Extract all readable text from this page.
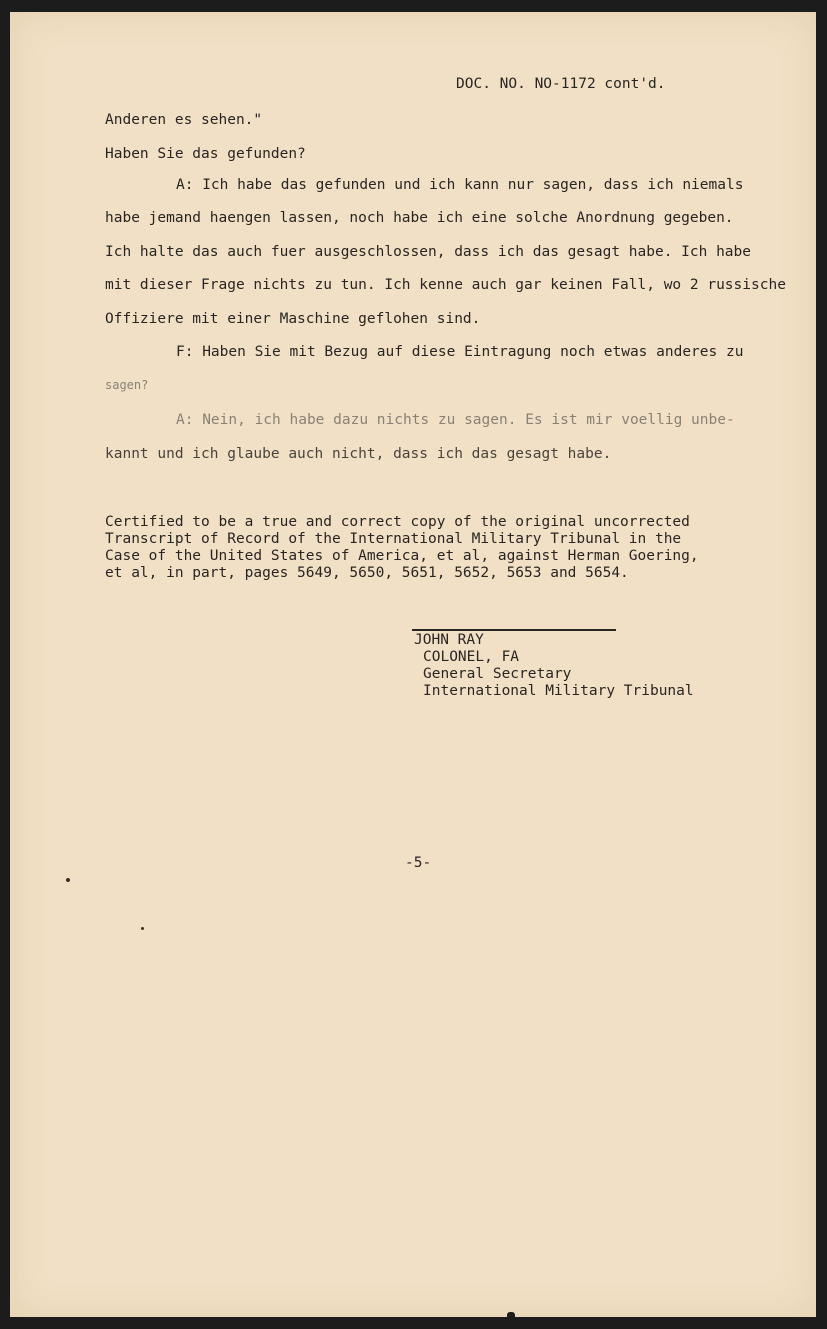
DOC. NO. NO-1172 cont'd.
Anderen es sehen."
Haben Sie das gefunden?
A: Ich habe das gefunden und ich kann nur sagen, dass ich niemals
habe jemand haengen lassen, noch habe ich eine solche Anordnung gegeben.
Ich halte das auch fuer ausgeschlossen, dass ich das gesagt habe. Ich habe
mit dieser Frage nichts zu tun. Ich kenne auch gar keinen Fall, wo 2 russische
Offiziere mit einer Maschine geflohen sind.
F: Haben Sie mit Bezug auf diese Eintragung noch etwas anderes zu
sagen?
A: Nein, ich habe dazu nichts zu sagen. Es ist mir voellig unbe-
kannt und ich glaube auch nicht, dass ich das gesagt habe.
Certified to be a true and correct copy of the original uncorrected
Transcript of Record of the International Military Tribunal in the
Case of the United States of America, et al, against Herman Goering,
et al, in part, pages 5649, 5650, 5651, 5652, 5653 and 5654.
JOHN RAY
COLONEL, FA
General Secretary
International Military Tribunal
-5-
